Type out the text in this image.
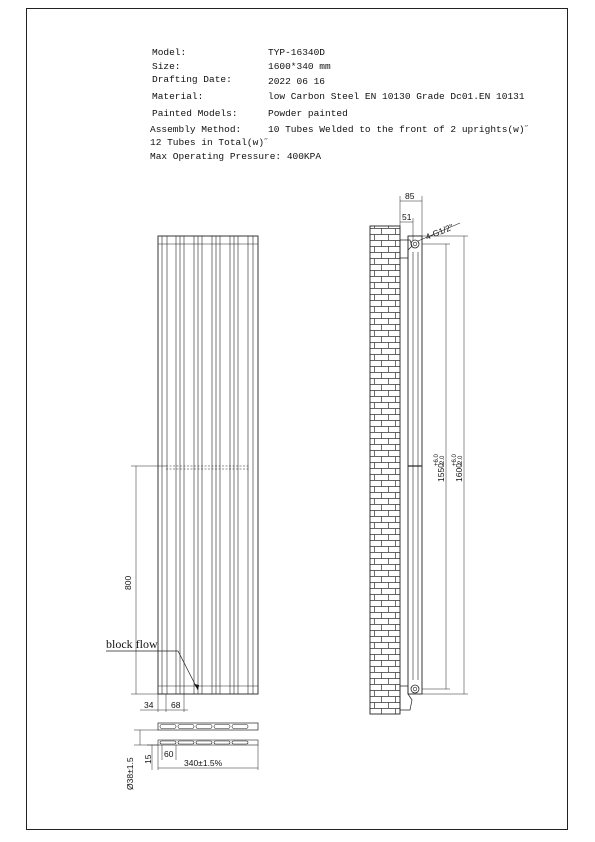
Model:	TYP-16340D
Size:	1600*340 mm
Drafting Date:	2022 06 16
Material:	low Carbon Steel EN 10130 Grade Dc01.EN 10131
Painted Models:	Powder painted
Assembly Method:	10 Tubes Welded to the front of 2 uprights(w)˝
12 Tubes in Total(w)˝
Max Operating Pressure: 400KPA
800
block flow
34 68
Ø38±1.5 15
60
340±1.5%
85
51
4-G1/2"
1550
+6.0 -2.0
1600
+6.0 -2.0
